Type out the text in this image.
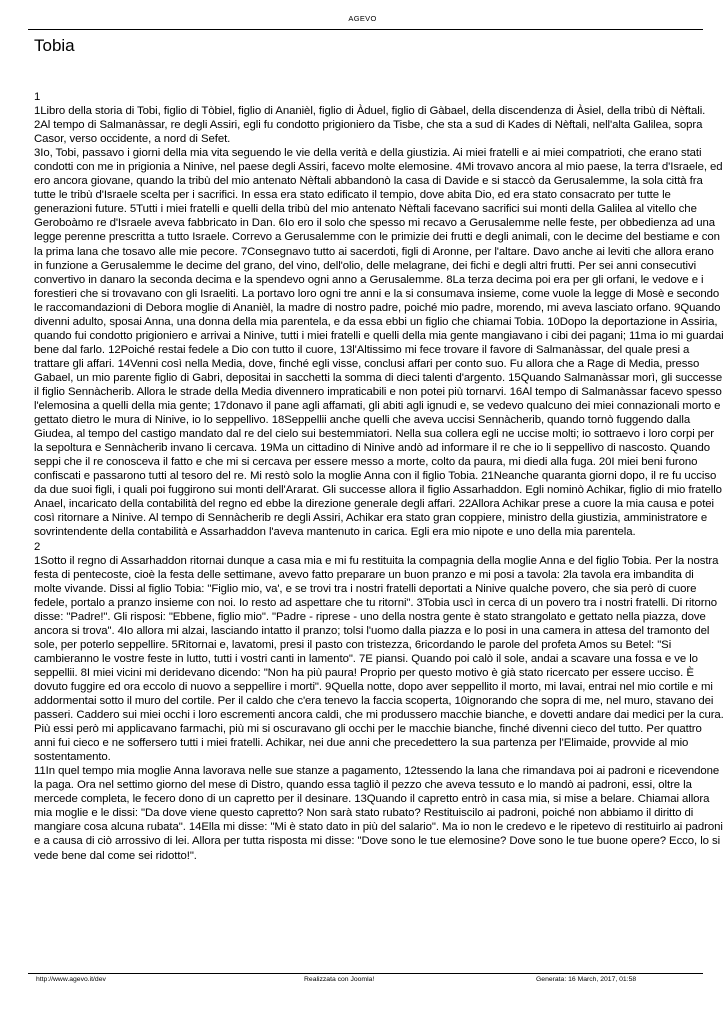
AGEVO
Tobia

1

1Libro della storia di Tobi, figlio di Tòbiel, figlio di Ananièl, figlio di Àduel, figlio di Gàbael, della discendenza di Àsiel, della tribù di Nèftali. 2Al tempo di Salmanàssar, re degli Assiri, egli fu condotto prigioniero da Tisbe, che sta a sud di Kades di Nèftali, nell'alta Galilea, sopra Casor, verso occidente, a nord di Sefet.

3Io, Tobi, passavo i giorni della mia vita seguendo le vie della verità e della giustizia. Ai miei fratelli e ai miei compatrioti, che erano stati condotti con me in prigionia a Ninive, nel paese degli Assiri, facevo molte elemosine. 4Mi trovavo ancora al mio paese, la terra d'Israele, ed ero ancora giovane, quando la tribù del mio antenato Nèftali abbandonò la casa di Davide e si staccò da Gerusalemme, la sola città fra tutte le tribù d'Israele scelta per i sacrifici. In essa era stato edificato il tempio, dove abita Dio, ed era stato consacrato per tutte le generazioni future. 5Tutti i miei fratelli e quelli della tribù del mio antenato Nèftali facevano sacrifici sui monti della Galilea al vitello che Geroboàmo re d'Israele aveva fabbricato in Dan. 6Io ero il solo che spesso mi recavo a Gerusalemme nelle feste, per obbedienza ad una legge perenne prescritta a tutto Israele. Correvo a Gerusalemme con le primizie dei frutti e degli animali, con le decime del bestiame e con la prima lana che tosavo alle mie pecore. 7Consegnavo tutto ai sacerdoti, figli di Aronne, per l'altare. Davo anche ai leviti che allora erano in funzione a Gerusalemme le decime del grano, del vino, dell'olio, delle melagrane, dei fichi e degli altri frutti. Per sei anni consecutivi convertivo in danaro la seconda decima e la spendevo ogni anno a Gerusalemme. 8La terza decima poi era per gli orfani, le vedove e i forestieri che si trovavano con gli Israeliti. La portavo loro ogni tre anni e la si consumava insieme, come vuole la legge di Mosè e secondo le raccomandazioni di Debora moglie di Ananièl, la madre di nostro padre, poiché mio padre, morendo, mi aveva lasciato orfano. 9Quando divenni adulto, sposai Anna, una donna della mia parentela, e da essa ebbi un figlio che chiamai Tobia. 10Dopo la deportazione in Assiria, quando fui condotto prigioniero e arrivai a Ninive, tutti i miei fratelli e quelli della mia gente mangiavano i cibi dei pagani; 11ma io mi guardai bene dal farlo. 12Poiché restai fedele a Dio con tutto il cuore, 13l'Altissimo mi fece trovare il favore di Salmanàssar, del quale presi a trattare gli affari. 14Venni così nella Media, dove, finché egli visse, conclusi affari per conto suo. Fu allora che a Rage di Media, presso Gabael, un mio parente figlio di Gabri, depositai in sacchetti la somma di dieci talenti d'argento. 15Quando Salmanàssar morì, gli successe il figlio Sennàcherib. Allora le strade della Media divennero impraticabili e non potei più tornarvi. 16Al tempo di Salmanàssar facevo spesso l'elemosina a quelli della mia gente; 17donavo il pane agli affamati, gli abiti agli ignudi e, se vedevo qualcuno dei miei connazionali morto e gettato dietro le mura di Ninive, io lo seppellivo. 18Seppellii anche quelli che aveva uccisi Sennàcherib, quando tornò fuggendo dalla Giudea, al tempo del castigo mandato dal re del cielo sui bestemmiatori. Nella sua collera egli ne uccise molti; io sottraevo i loro corpi per la sepoltura e Sennàcherib invano li cercava. 19Ma un cittadino di Ninive andò ad informare il re che io li seppellivo di nascosto. Quando seppi che il re conosceva il fatto e che mi si cercava per essere messo a morte, colto da paura, mi diedi alla fuga. 20I miei beni furono confiscati e passarono tutti al tesoro del re. Mi restò solo la moglie Anna con il figlio Tobia. 21Neanche quaranta giorni dopo, il re fu ucciso da due suoi figli, i quali poi fuggirono sui monti dell'Ararat. Gli successe allora il figlio Assarhaddon. Egli nominò Achikar, figlio di mio fratello Anael, incaricato della contabilità del regno ed ebbe la direzione generale degli affari. 22Allora Achikar prese a cuore la mia causa e potei così ritornare a Ninive. Al tempo di Sennàcherib re degli Assiri, Achikar era stato gran coppiere, ministro della giustizia, amministratore e sovrintendente della contabilità e Assarhaddon l'aveva mantenuto in carica. Egli era mio nipote e uno della mia parentela.

2

1Sotto il regno di Assarhaddon ritornai dunque a casa mia e mi fu restituita la compagnia della moglie Anna e del figlio Tobia. Per la nostra festa di pentecoste, cioè la festa delle settimane, avevo fatto preparare un buon pranzo e mi posi a tavola: 2la tavola era imbandita di molte vivande. Dissi al figlio Tobia: "Figlio mio, va', e se trovi tra i nostri fratelli deportati a Ninive qualche povero, che sia però di cuore fedele, portalo a pranzo insieme con noi. Io resto ad aspettare che tu ritorni". 3Tobia uscì in cerca di un povero tra i nostri fratelli. Di ritorno disse: "Padre!". Gli risposi: "Ebbene, figlio mio". "Padre - riprese - uno della nostra gente è stato strangolato e gettato nella piazza, dove ancora si trova". 4Io allora mi alzai, lasciando intatto il pranzo; tolsi l'uomo dalla piazza e lo posi in una camera in attesa del tramonto del sole, per poterlo seppellire. 5Ritornai e, lavatomi, presi il pasto con tristezza, 6ricordando le parole del profeta Amos su Betel: "Si cambieranno le vostre feste in lutto, tutti i vostri canti in lamento". 7E piansi. Quando poi calò il sole, andai a scavare una fossa e ve lo seppellii. 8I miei vicini mi deridevano dicendo: "Non ha più paura! Proprio per questo motivo è già stato ricercato per essere ucciso. È dovuto fuggire ed ora eccolo di nuovo a seppellire i morti". 9Quella notte, dopo aver seppellito il morto, mi lavai, entrai nel mio cortile e mi addormentai sotto il muro del cortile. Per il caldo che c'era tenevo la faccia scoperta, 10ignorando che sopra di me, nel muro, stavano dei passeri. Caddero sui miei occhi i loro escrementi ancora caldi, che mi produssero macchie bianche, e dovetti andare dai medici per la cura. Più essi però mi applicavano farmachi, più mi si oscuravano gli occhi per le macchie bianche, finché divenni cieco del tutto. Per quattro anni fui cieco e ne soffersero tutti i miei fratelli. Achikar, nei due anni che precedettero la sua partenza per l'Elimaide, provvide al mio sostentamento.

11In quel tempo mia moglie Anna lavorava nelle sue stanze a pagamento, 12tessendo la lana che rimandava poi ai padroni e ricevendone la paga. Ora nel settimo giorno del mese di Distro, quando essa tagliò il pezzo che aveva tessuto e lo mandò ai padroni, essi, oltre la mercede completa, le fecero dono di un capretto per il desinare. 13Quando il capretto entrò in casa mia, si mise a belare. Chiamai allora mia moglie e le dissi: "Da dove viene questo capretto? Non sarà stato rubato? Restituiscilo ai padroni, poiché non abbiamo il diritto di mangiare cosa alcuna rubata". 14Ella mi disse: "Mi è stato dato in più del salario". Ma io non le credevo e le ripetevo di restituirlo ai padroni e a causa di ciò arrossivo di lei. Allora per tutta risposta mi disse: "Dove sono le tue elemosine? Dove sono le tue buone opere? Ecco, lo si vede bene dal come sei ridotto!".

http://www.agevo.it/dev	Realizzata con Joomla!	Generata: 16 March, 2017, 01:58
